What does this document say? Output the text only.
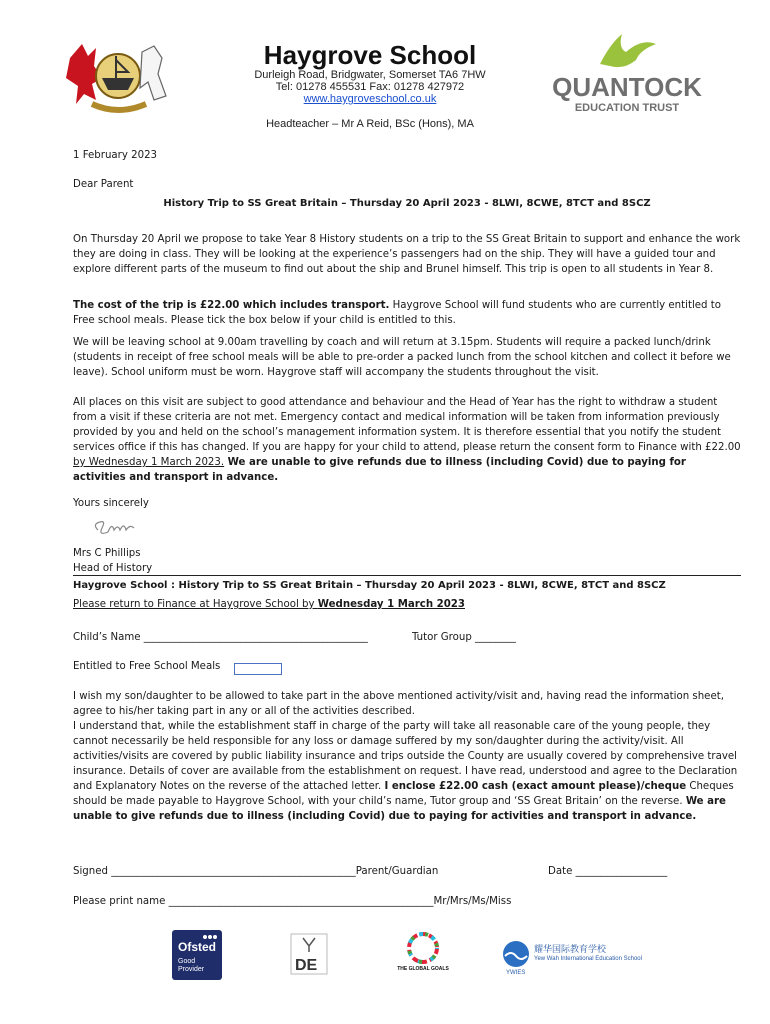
Haygrove School
Durleigh Road, Bridgwater, Somerset TA6 7HW
Tel: 01278 455531 Fax: 01278 427972
www.haygroveschool.co.uk
Headteacher – Mr A Reid, BSc (Hons), MA
QUANTOCK
EDUCATION TRUST
1 February 2023
Dear Parent
History Trip to SS Great Britain – Thursday 20 April 2023 - 8LWI, 8CWE, 8TCT and 8SCZ
On Thursday 20 April we propose to take Year 8 History students on a trip to the SS Great Britain to support and enhance the work they are doing in class. They will be looking at the experience’s passengers had on the ship. They will have a guided tour and explore different parts of the museum to find out about the ship and Brunel himself. This trip is open to all students in Year 8.
The cost of the trip is £22.00 which includes transport. Haygrove School will fund students who are currently entitled to Free school meals. Please tick the box below if your child is entitled to this.
We will be leaving school at 9.00am travelling by coach and will return at 3.15pm. Students will require a packed lunch/drink (students in receipt of free school meals will be able to pre-order a packed lunch from the school kitchen and collect it before we leave). School uniform must be worn. Haygrove staff will accompany the students throughout the visit.
All places on this visit are subject to good attendance and behaviour and the Head of Year has the right to withdraw a student from a visit if these criteria are not met. Emergency contact and medical information will be taken from information previously provided by you and held on the school’s management information system. It is therefore essential that you notify the student services office if this has changed. If you are happy for your child to attend, please return the consent form to Finance with £22.00 by Wednesday 1 March 2023. We are unable to give refunds due to illness (including Covid) due to paying for activities and transport in advance.
Yours sincerely
Mrs C Phillips
Head of History
Haygrove School : History Trip to SS Great Britain – Thursday 20 April 2023 - 8LWI, 8CWE, 8TCT and 8SCZ
Please return to Finance at Haygrove School by Wednesday 1 March 2023
Child’s Name ____________________________________________	Tutor Group ________
Entitled to Free School Meals
I wish my son/daughter to be allowed to take part in the above mentioned activity/visit and, having read the information sheet, agree to his/her taking part in any or all of the activities described.
I understand that, while the establishment staff in charge of the party will take all reasonable care of the young people, they cannot necessarily be held responsible for any loss or damage suffered by my son/daughter during the activity/visit. All activities/visits are covered by public liability insurance and trips outside the County are usually covered by comprehensive travel insurance. Details of cover are available from the establishment on request. I have read, understood and agree to the Declaration and Explanatory Notes on the reverse of the attached letter. I enclose £22.00 cash (exact amount please)/cheque Cheques should be made payable to Haygrove School, with your child’s name, Tutor group and ‘SS Great Britain’ on the reverse. We are unable to give refunds due to illness (including Covid) due to paying for activities and transport in advance.
Signed ________________________________________________Parent/Guardian	Date __________________
Please print name ____________________________________________________Mr/Mrs/Ms/Miss
Ofsted
Good Provider	DE	THE GLOBAL GOALS
耀华国际教育学校
Yew Wah International Education School
YWIES
